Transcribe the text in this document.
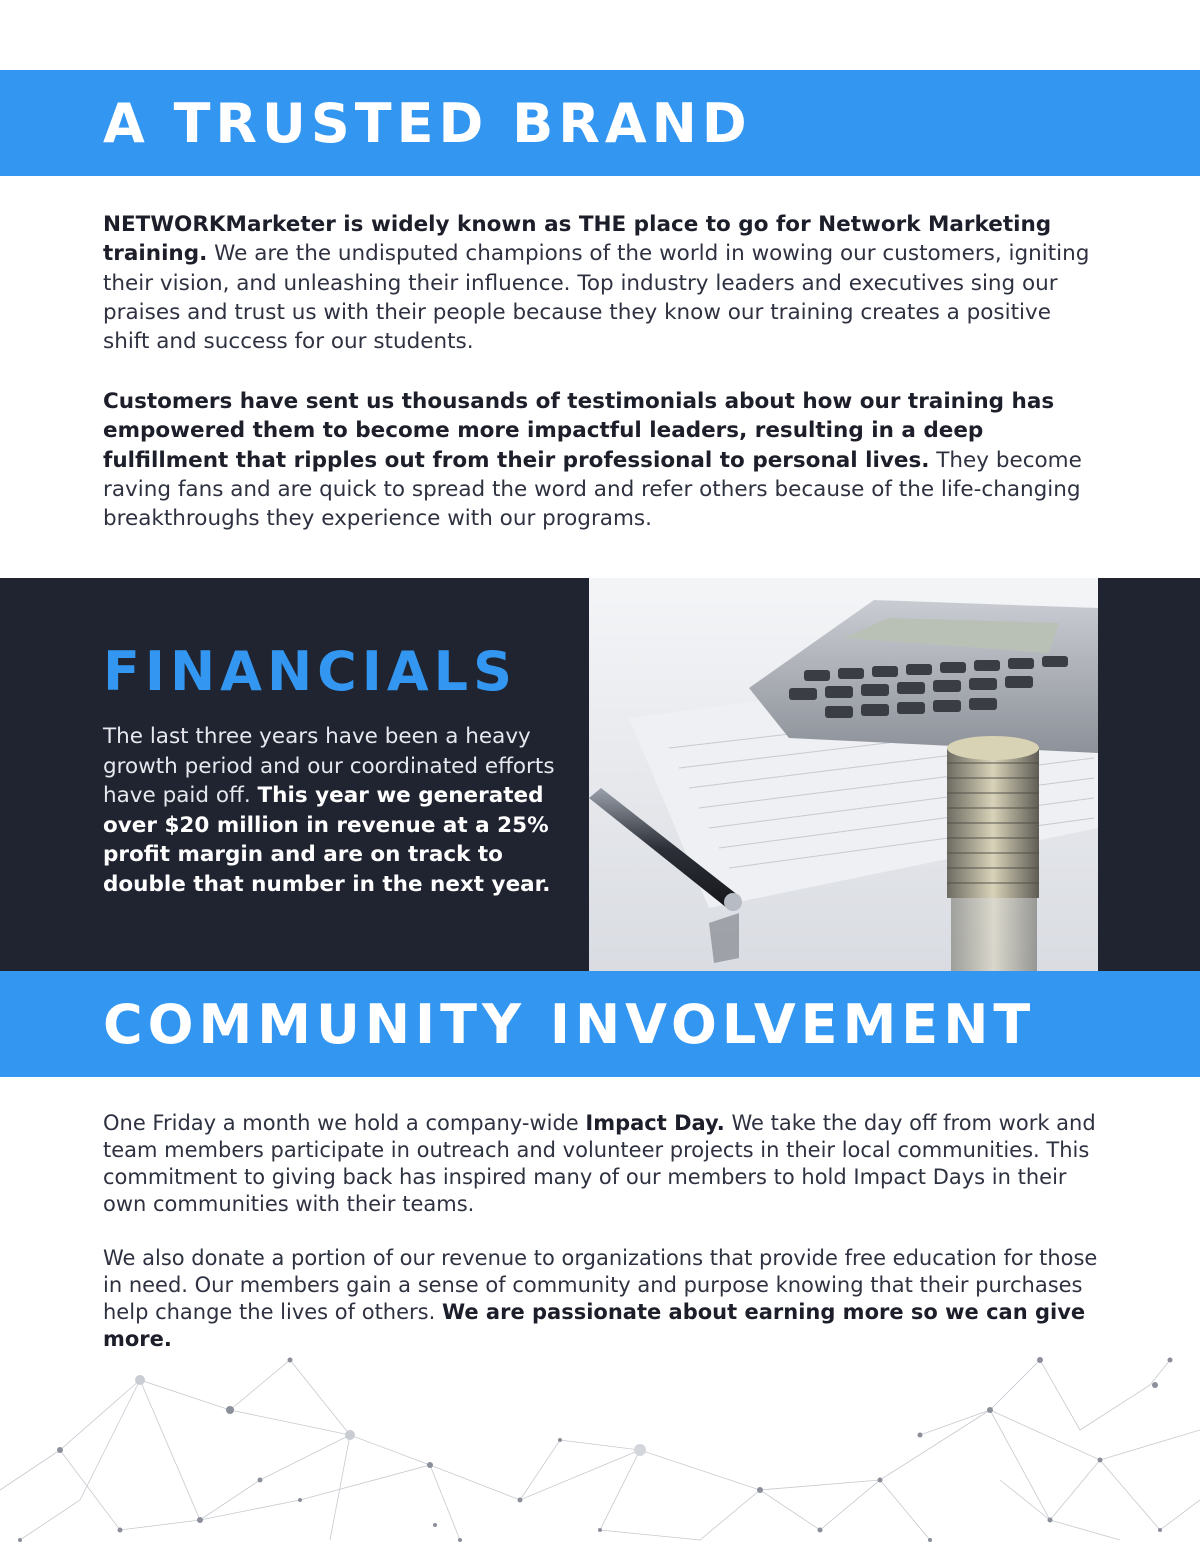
A TRUSTED BRAND

NETWORKMarketer is widely known as THE place to go for Network Marketing training. We are the undisputed champions of the world in wowing our customers, igniting their vision, and unleashing their influence. Top industry leaders and executives sing our praises and trust us with their people because they know our training creates a positive shift and success for our students.

Customers have sent us thousands of testimonials about how our training has empowered them to become more impactful leaders, resulting in a deep fulfillment that ripples out from their professional to personal lives. They become raving fans and are quick to spread the word and refer others because of the life-changing breakthroughs they experience with our programs.

FINANCIALS

The last three years have been a heavy growth period and our coordinated efforts have paid off. This year we generated over $20 million in revenue at a 25% profit margin and are on track to double that number in the next year.

COMMUNITY INVOLVEMENT

One Friday a month we hold a company-wide Impact Day. We take the day off from work and team members participate in outreach and volunteer projects in their local communities. This commitment to giving back has inspired many of our members to hold Impact Days in their own communities with their teams.

We also donate a portion of our revenue to organizations that provide free education for those in need. Our members gain a sense of community and purpose knowing that their purchases help change the lives of others. We are passionate about earning more so we can give more.
